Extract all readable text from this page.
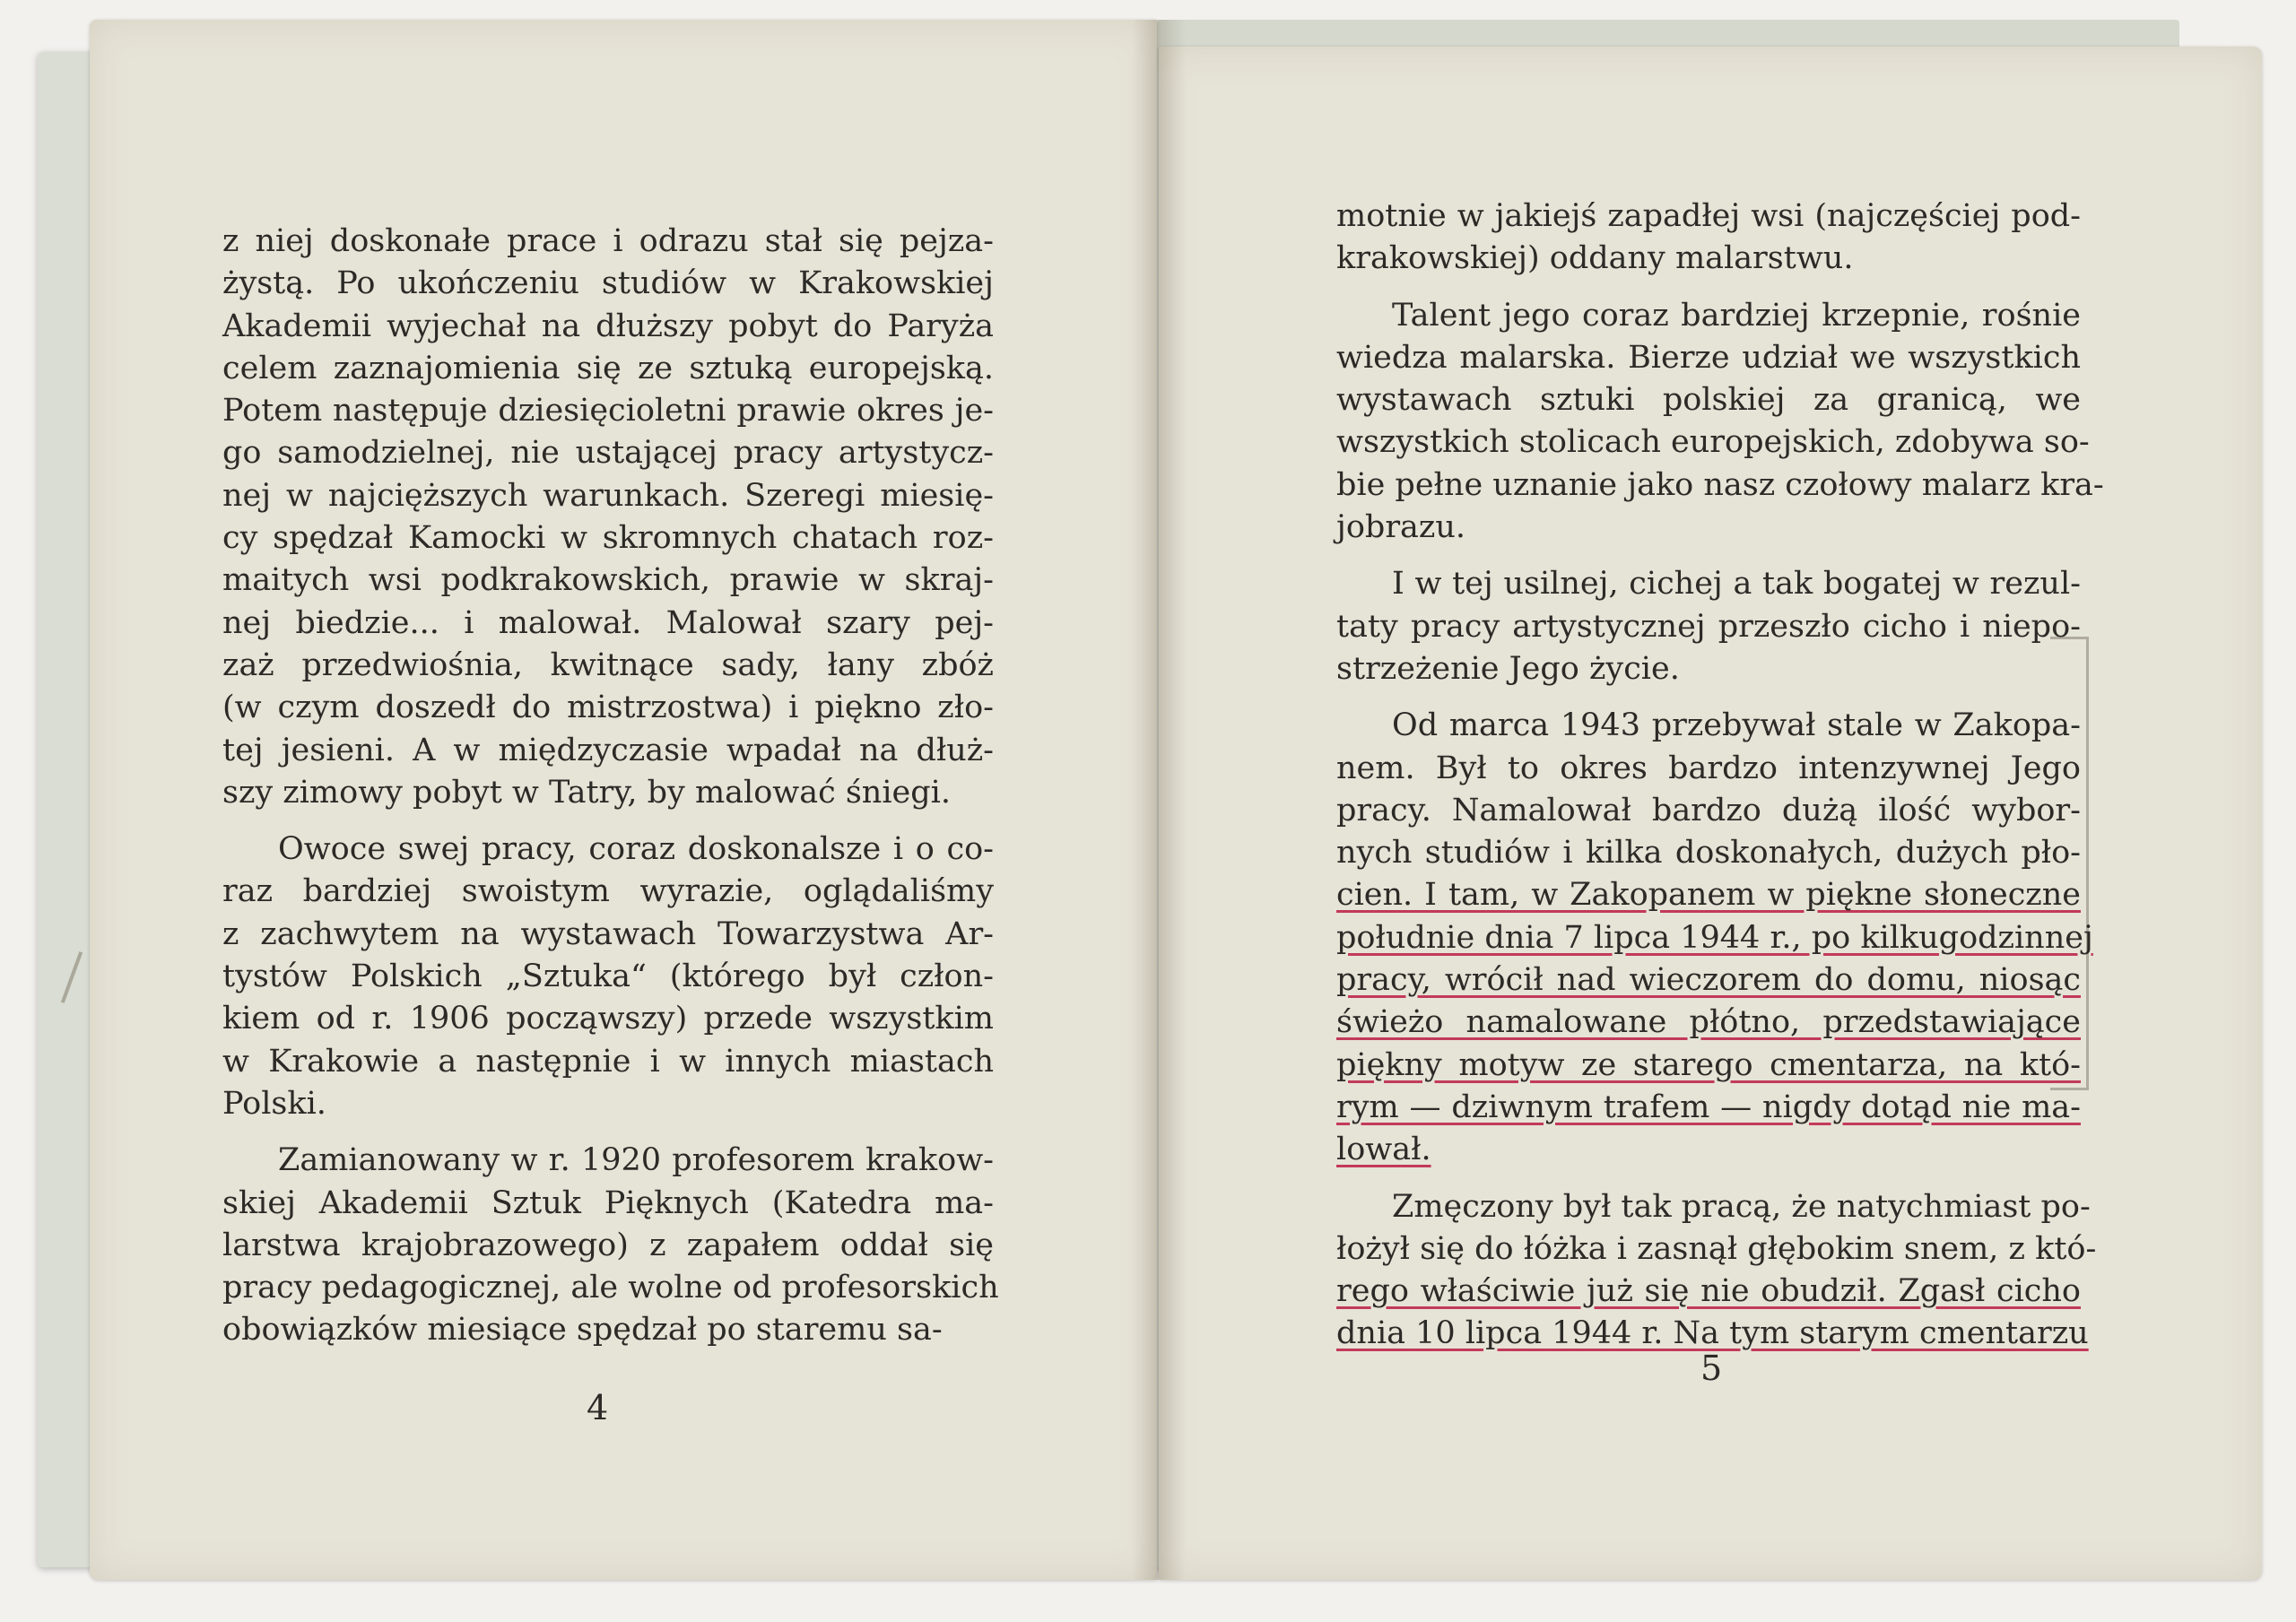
z niej doskonałe prace i odrazu stał się pejza-
żystą. Po ukończeniu studiów w Krakowskiej
Akademii wyjechał na dłuższy pobyt do Paryża
celem zaznajomienia się ze sztuką europejską.
Potem następuje dziesięcioletni prawie okres je-
go samodzielnej, nie ustającej pracy artystycz-
nej w najcięższych warunkach. Szeregi miesię-
cy spędzał Kamocki w skromnych chatach roz-
maitych wsi podkrakowskich, prawie w skraj-
nej biedzie... i malował. Malował szary pej-
zaż przedwiośnia, kwitnące sady, łany zbóż
(w czym doszedł do mistrzostwa) i piękno zło-
tej jesieni. A w międzyczasie wpadał na dłuż-
szy zimowy pobyt w Tatry, by malować śniegi.
Owoce swej pracy, coraz doskonalsze i o co-
raz bardziej swoistym wyrazie, oglądaliśmy
z zachwytem na wystawach Towarzystwa Ar-
tystów Polskich „Sztuka“ (którego był człon-
kiem od r. 1906 począwszy) przede wszystkim
w Krakowie a następnie i w innych miastach
Polski.
Zamianowany w r. 1920 profesorem krakow-
skiej Akademii Sztuk Pięknych (Katedra ma-
larstwa krajobrazowego) z zapałem oddał się
pracy pedagogicznej, ale wolne od profesorskich
obowiązków miesiące spędzał po staremu sa-
motnie w jakiejś zapadłej wsi (najczęściej pod-
krakowskiej) oddany malarstwu.
Talent jego coraz bardziej krzepnie, rośnie
wiedza malarska. Bierze udział we wszystkich
wystawach sztuki polskiej za granicą, we
wszystkich stolicach europejskich, zdobywa so-
bie pełne uznanie jako nasz czołowy malarz kra-
jobrazu.
I w tej usilnej, cichej a tak bogatej w rezul-
taty pracy artystycznej przeszło cicho i niepo-
strzeżenie Jego życie.
Od marca 1943 przebywał stale w Zakopa-
nem. Był to okres bardzo intenzywnej Jego
pracy. Namalował bardzo dużą ilość wybor-
nych studiów i kilka doskonałych, dużych pło-
cien. I tam, w Zakopanem w piękne słoneczne
południe dnia 7 lipca 1944 r., po kilkugodzinnej
pracy, wrócił nad wieczorem do domu, niosąc
świeżo namalowane płótno, przedstawiające
piękny motyw ze starego cmentarza, na któ-
rym — dziwnym trafem — nigdy dotąd nie ma-
lował.
Zmęczony był tak pracą, że natychmiast po-
łożył się do łóżka i zasnął głębokim snem, z któ-
rego właściwie już się nie obudził. Zgasł cicho
dnia 10 lipca 1944 r. Na tym starym cmentarzu
4
5
